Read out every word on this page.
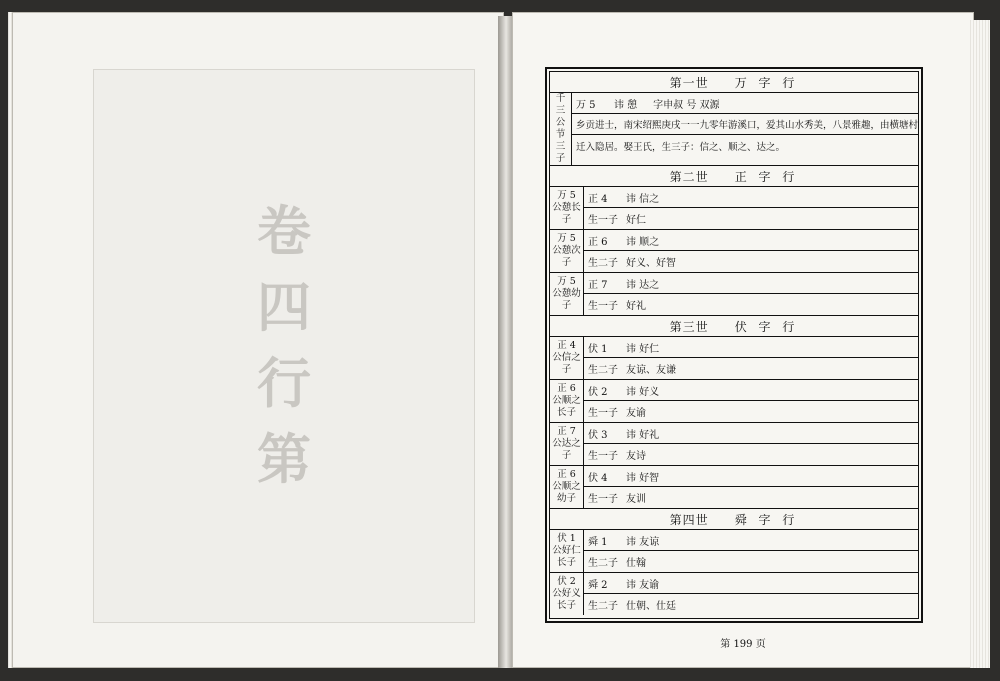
卷
四
行
第
第一世 万 字 行
千三公节三子
万 5	讳 憩 字申叔 号 双源
乡贡进士，南宋绍熙庚戌一一九零年游溪口，爱其山水秀美，八景雅趣，由横塘村
迁入隐居。娶王氏，生三子：信之、顺之、达之。
第二世 正 字 行
万 5 公憩长子
正 4	讳 信之
生一子 好仁
万 5 公憩次子
正 6	讳 顺之
生二子 好义、好智
万 5 公憩幼子
正 7	讳 达之
生一子 好礼
第三世 伏 字 行
正 4 公信之子
伏 1	讳 好仁
生二子 友谅、友谦
正 6 公顺之长子
伏 2	讳 好义
生一子 友谕
正 7 公达之子
伏 3	讳 好礼
生一子 友诗
正 6 公顺之幼子
伏 4	讳 好智
生一子 友训
第四世 舜 字 行
伏 1 公好仁长子
舜 1	讳 友谅
生二子 仕翰
伏 2 公好义长子
舜 2	讳 友谕
生二子 仕朝、仕廷
第 199 页
